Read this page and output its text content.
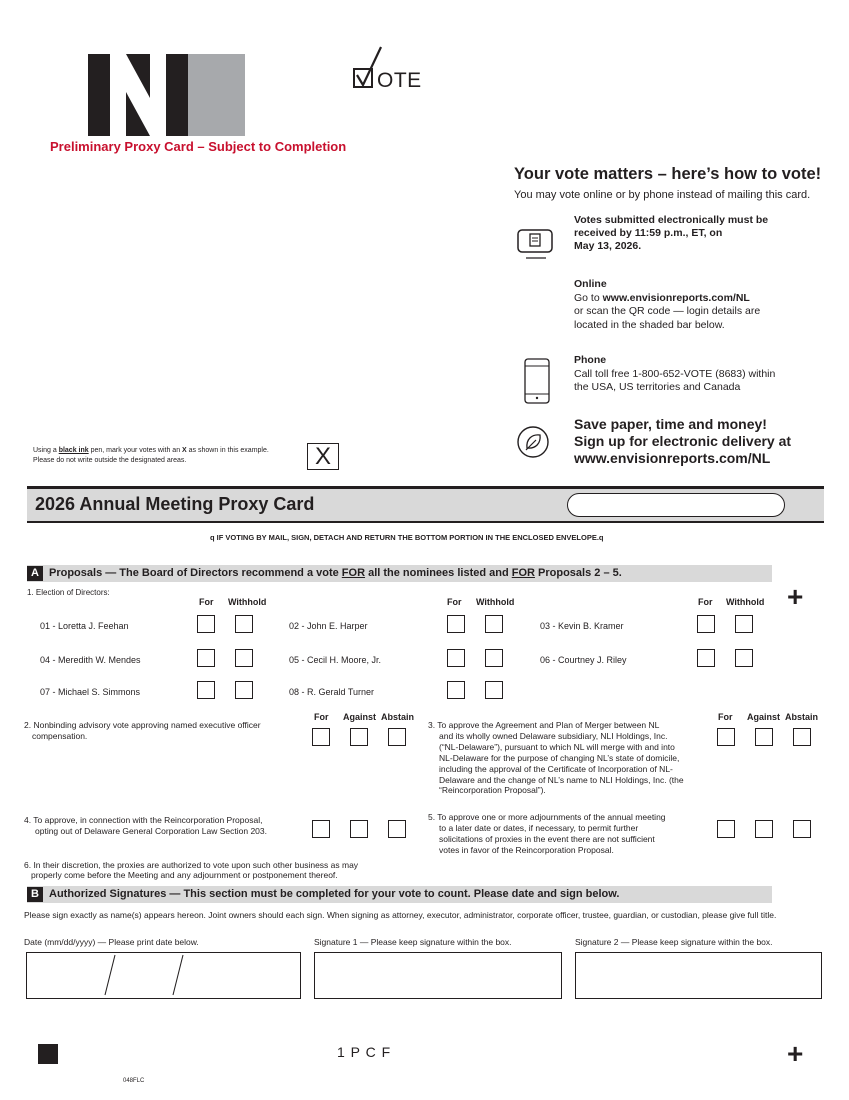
OTE
Preliminary Proxy Card – Subject to Completion
Your vote matters – here’s how to vote!
You may vote online or by phone instead of mailing this card.
Votes submitted electronically must be
received by 11:59 p.m., ET, on
May 13, 2026.
Online
Go to www.envisionreports.com/NL
or scan the QR code — login details are
located in the shaded bar below.
Phone
Call toll free 1-800-652-VOTE (8683) within
the USA, US territories and Canada
Save paper, time and money!
Sign up for electronic delivery at
www.envisionreports.com/NL
Using a black ink pen, mark your votes with an X as shown in this example.
Please do not write outside the designated areas.	X
2026 Annual Meeting Proxy Card
q IF VOTING BY MAIL, SIGN, DETACH AND RETURN THE BOTTOM PORTION IN THE ENCLOSED ENVELOPE.q
A Proposals — The Board of Directors recommend a vote FOR all the nominees listed and FOR Proposals 2 – 5.
1. Election of Directors:	+
For Withhold	For Withhold	For Withhold
01 - Loretta J. Feehan	02 - John E. Harper	03 - Kevin B. Kramer
04 - Meredith W. Mendes	05 - Cecil H. Moore, Jr.	06 - Courtney J. Riley
07 - Michael S. Simmons	08 - R. Gerald Turner
For Against Abstain	For Against Abstain
2. Nonbinding advisory vote approving named executive officer
compensation.
3. To approve the Agreement and Plan of Merger between NL
and its wholly owned Delaware subsidiary, NLI Holdings, Inc.
(“NL-Delaware”), pursuant to which NL will merge with and into
NL-Delaware for the purpose of changing NL’s state of domicile,
including the approval of the Certificate of Incorporation of NL-
Delaware and the change of NL’s name to NLI Holdings, Inc. (the
“Reincorporation Proposal”).
4. To approve, in connection with the Reincorporation Proposal,
opting out of Delaware General Corporation Law Section 203.
5. To approve one or more adjournments of the annual meeting
to a later date or dates, if necessary, to permit further
solicitations of proxies in the event there are not sufficient
votes in favor of the Reincorporation Proposal.
6. In their discretion, the proxies are authorized to vote upon such other business as may
properly come before the Meeting and any adjournment or postponement thereof.
B Authorized Signatures — This section must be completed for your vote to count. Please date and sign below.
Please sign exactly as name(s) appears hereon. Joint owners should each sign. When signing as attorney, executor, administrator, corporate officer, trustee, guardian, or custodian, please give full title.
Date (mm/dd/yyyy) — Please print date below.	Signature 1 — Please keep signature within the box.	Signature 2 — Please keep signature within the box.
1 P C F	+
048FLC
